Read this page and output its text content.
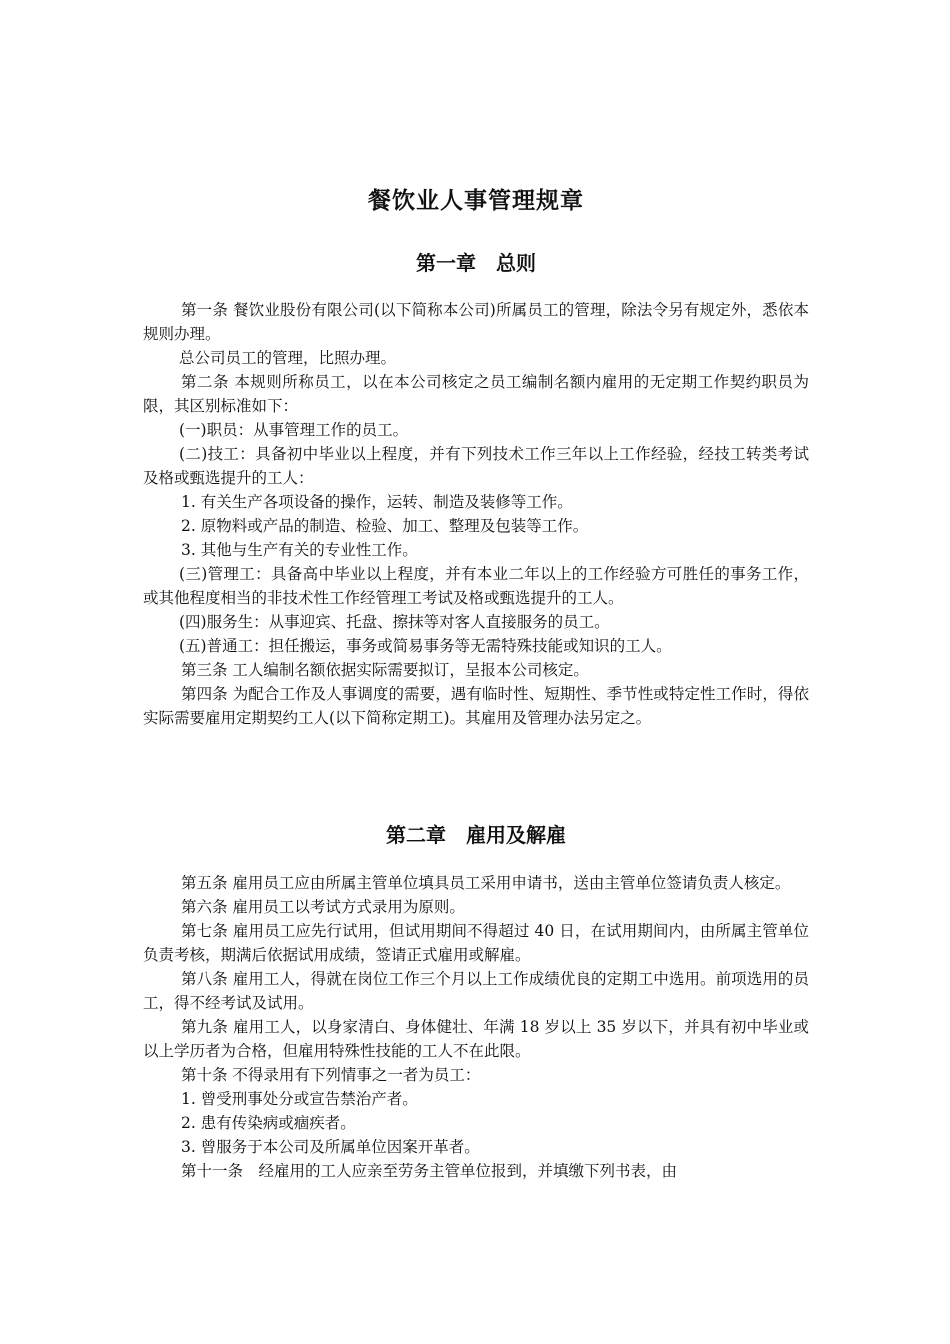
餐饮业人事管理规章
第一章　总则

第一条 餐饮业股份有限公司(以下简称本公司)所属员工的管理，除法令另有规定外，悉依本规则办理。

总公司员工的管理，比照办理。

第二条 本规则所称员工，以在本公司核定之员工编制名额内雇用的无定期工作契约职员为限，其区别标准如下：

(一)职员：从事管理工作的员工。

(二)技工：具备初中毕业以上程度，并有下列技术工作三年以上工作经验，经技工转类考试及格或甄选提升的工人：

1. 有关生产各项设备的操作，运转、制造及装修等工作。

2. 原物料或产品的制造、检验、加工、整理及包装等工作。

3. 其他与生产有关的专业性工作。

(三)管理工：具备高中毕业以上程度，并有本业二年以上的工作经验方可胜任的事务工作，或其他程度相当的非技术性工作经管理工考试及格或甄选提升的工人。

(四)服务生：从事迎宾、托盘、擦抹等对客人直接服务的员工。

(五)普通工：担任搬运，事务或简易事务等无需特殊技能或知识的工人。

第三条 工人编制名额依据实际需要拟订，呈报本公司核定。

第四条 为配合工作及人事调度的需要，遇有临时性、短期性、季节性或特定性工作时，得依实际需要雇用定期契约工人(以下简称定期工)。其雇用及管理办法另定之。

第二章　雇用及解雇

第五条 雇用员工应由所属主管单位填具员工采用申请书，送由主管单位签请负责人核定。

第六条 雇用员工以考试方式录用为原则。

第七条 雇用员工应先行试用，但试用期间不得超过 40 日，在试用期间内，由所属主管单位负责考核，期满后依据试用成绩，签请正式雇用或解雇。

第八条 雇用工人，得就在岗位工作三个月以上工作成绩优良的定期工中选用。前项选用的员工，得不经考试及试用。

第九条 雇用工人，以身家清白、身体健壮、年满 18 岁以上 35 岁以下，并具有初中毕业或以上学历者为合格，但雇用特殊性技能的工人不在此限。

第十条 不得录用有下列情事之一者为员工：

1. 曾受刑事处分或宣告禁治产者。

2. 患有传染病或痼疾者。

3. 曾服务于本公司及所属单位因案开革者。

第十一条　经雇用的工人应亲至劳务主管单位报到，并填缴下列书表，由
